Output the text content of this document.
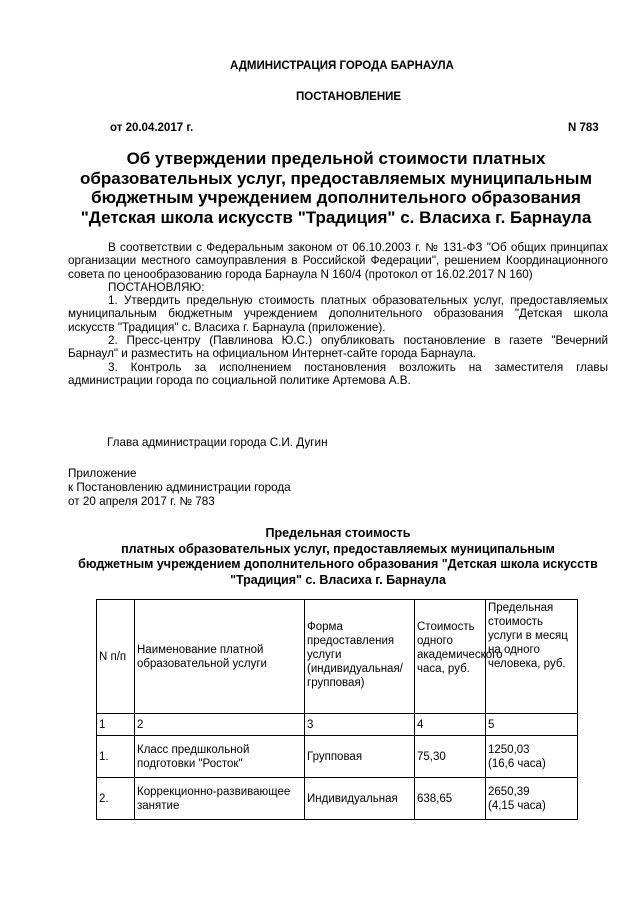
АДМИНИСТРАЦИЯ ГОРОДА БАРНАУЛА
ПОСТАНОВЛЕНИЕ
от 20.04.2017 г.	N 783
Об утверждении предельной стоимости платных
образовательных услуг, предоставляемых муниципальным
бюджетным учреждением дополнительного образования
"Детская школа искусств "Традиция" с. Власиха г. Барнаула

В соответствии с Федеральным законом от 06.10.2003 г. № 131-ФЗ "Об общих принципах организации местного самоуправления в Российской Федерации", решением Координационного совета по ценообразованию города Барнаула N 160/4 (протокол от 16.02.2017 N 160)

ПОСТАНОВЛЯЮ:

1. Утвердить предельную стоимость платных образовательных услуг, предоставляемых муниципальным бюджетным учреждением дополнительного образования "Детская школа искусств "Традиция" с. Власиха г. Барнаула (приложение).

2. Пресс-центру (Павлинова Ю.С.) опубликовать постановление в газете "Вечерний Барнаул" и разместить на официальном Интернет-сайте города Барнаула.

3. Контроль за исполнением постановления возложить на заместителя главы администрации города по социальной политике Артемова А.В.

Глава администрации города С.И. Дугин
Приложение
к Постановлению администрации города
от 20 апреля 2017 г. № 783
Предельная стоимость
платных образовательных услуг, предоставляемых муниципальным
бюджетным учреждением дополнительного образования "Детская школа искусств
"Традиция" с. Власиха г. Барнаула
N п/п	Наименование платной образовательной услуги	Форма предоставления услуги (индивидуальная/групповая)	Стоимость одного академического часа, руб.	Предельная стоимость услуги в месяц на одного человека, руб.
1	2	3	4	5
1.	Класс предшкольной подготовки "Росток"	Групповая	75,30	1250,03
(16,6 часа)

2.	Коррекционно-развивающее занятие	Индивидуальная	638,65	2650,39
(4,15 часа)
